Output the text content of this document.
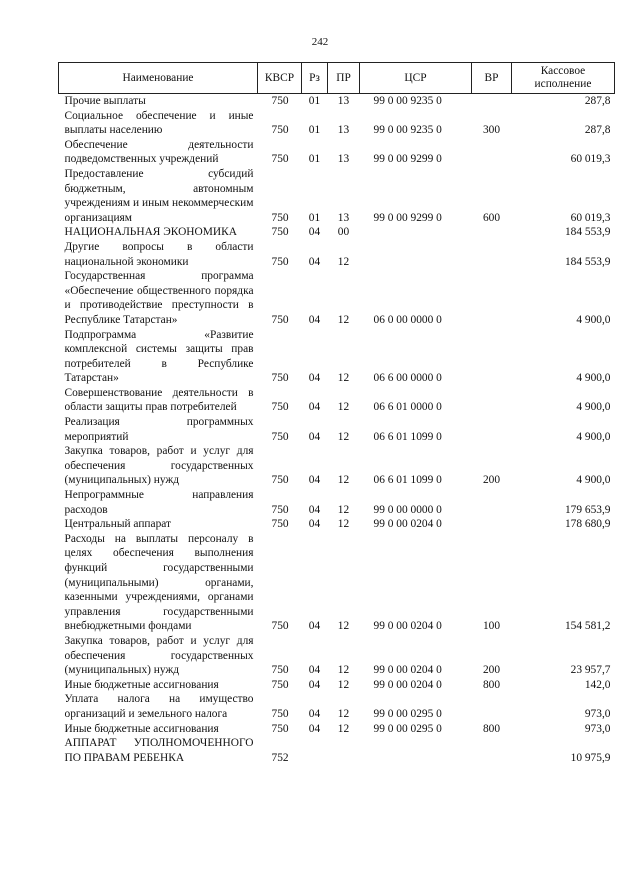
242
Наименование	КВСР	Рз	ПР	ЦСР	ВР	Кассовое исполнение
Прочие выплаты	750	01	13	99 0 00 9235 0		287,8
Социальное обеспечение и иные выплаты населению	750	01	13	99 0 00 9235 0	300	287,8
Обеспечение деятельности подведомственных учреждений	750	01	13	99 0 00 9299 0		60 019,3
Предоставление субсидий бюджетным, автономным учреждениям и иным некоммерческим организациям	750	01	13	99 0 00 9299 0	600	60 019,3
НАЦИОНАЛЬНАЯ ЭКОНОМИКА	750	04	00			184 553,9
Другие вопросы в области национальной экономики	750	04	12			184 553,9
Государственная программа «Обеспечение общественного порядка и противодействие преступности в Республике Татарстан»	750	04	12	06 0 00 0000 0		4 900,0
Подпрограмма «Развитие комплексной системы защиты прав потребителей в Республике Татарстан»	750	04	12	06 6 00 0000 0		4 900,0
Совершенствование деятельности в области защиты прав потребителей	750	04	12	06 6 01 0000 0		4 900,0
Реализация программных мероприятий	750	04	12	06 6 01 1099 0		4 900,0
Закупка товаров, работ и услуг для обеспечения государственных (муниципальных) нужд	750	04	12	06 6 01 1099 0	200	4 900,0
Непрограммные направления расходов	750	04	12	99 0 00 0000 0		179 653,9
Центральный аппарат	750	04	12	99 0 00 0204 0		178 680,9
Расходы на выплаты персоналу в целях обеспечения выполнения функций государственными (муниципальными) органами, казенными учреждениями, органами управления государственными внебюджетными фондами	750	04	12	99 0 00 0204 0	100	154 581,2
Закупка товаров, работ и услуг для обеспечения государственных (муниципальных) нужд	750	04	12	99 0 00 0204 0	200	23 957,7
Иные бюджетные ассигнования	750	04	12	99 0 00 0204 0	800	142,0
Уплата налога на имущество организаций и земельного налога	750	04	12	99 0 00 0295 0		973,0
Иные бюджетные ассигнования	750	04	12	99 0 00 0295 0	800	973,0
АППАРАТ УПОЛНОМОЧЕННОГО ПО ПРАВАМ РЕБЕНКА	752					10 975,9
